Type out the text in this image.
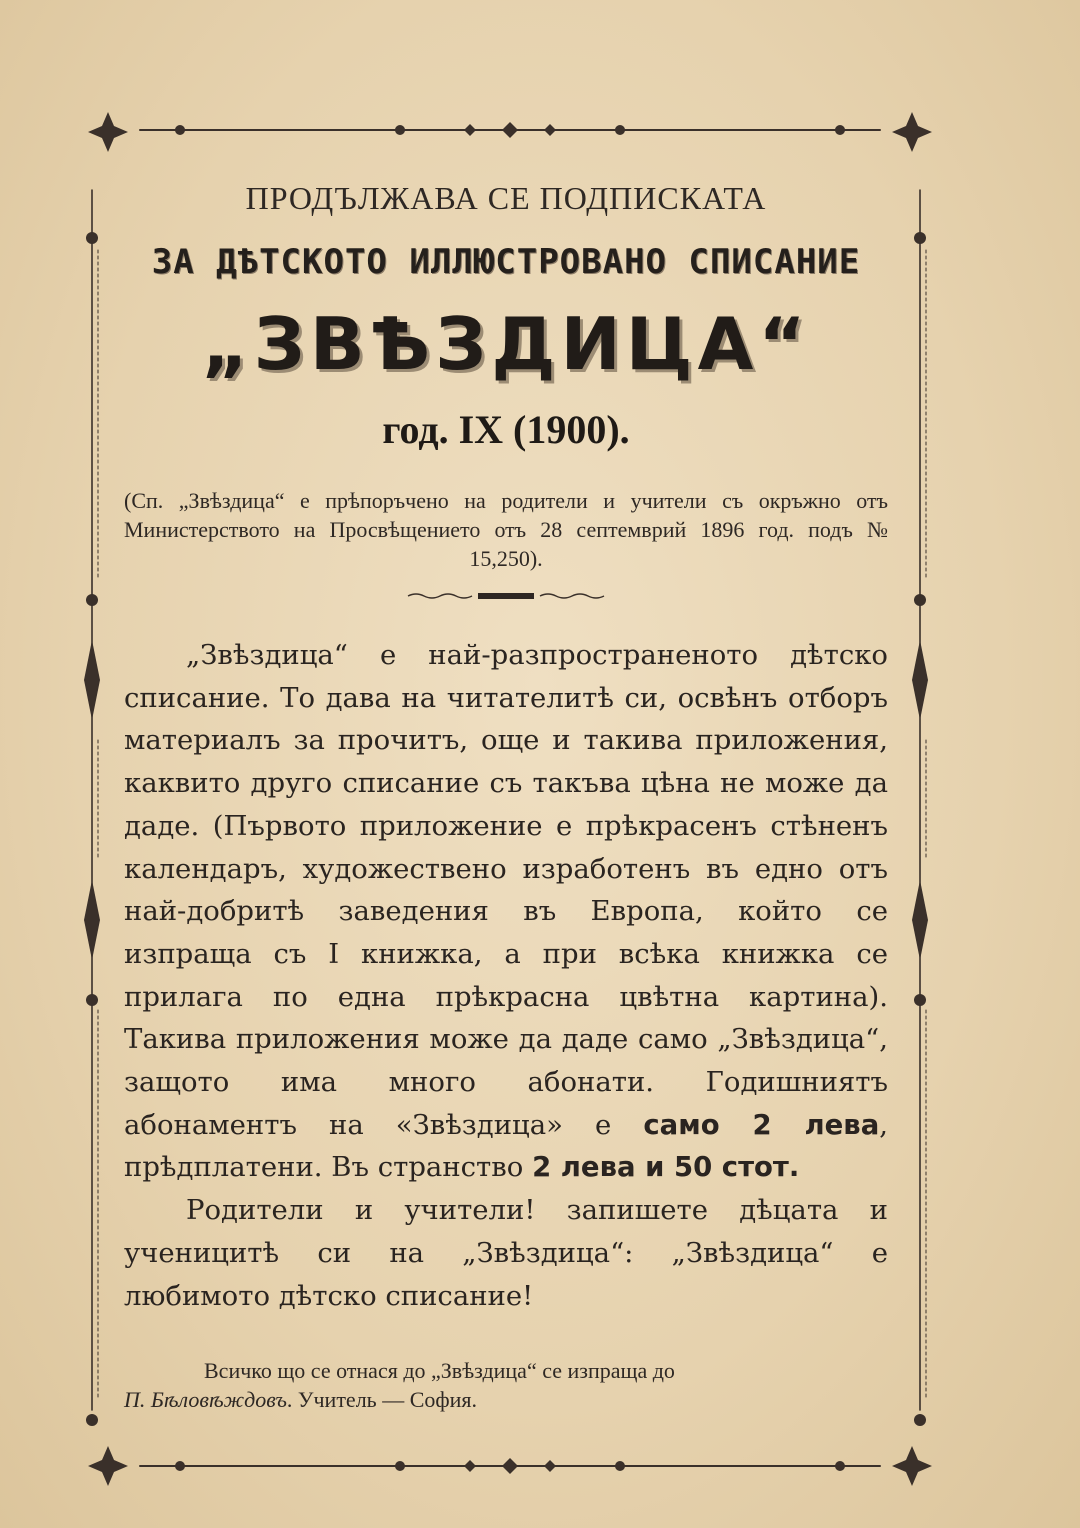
ПРОДЪЛЖАВА СЕ ПОДПИСКАТА
ЗА ДѢТСКОТО ИЛЛЮСТРОВАНО СПИСАНИЕ
„ЗВѢЗДИЦА“
год. IX (1900).
(Сп. „Звѣздица“ е прѣпоръчено на родители и учители съ окръжно отъ Министерството на Просвѣщението отъ 28 септемврий 1896 год. подъ № 15,250).

„Звѣздица“ е най-разпространеното дѣтско списание. То дава на читателитѣ си, освѣнъ отборъ материалъ за прочитъ, още и такива приложения, каквито друго списание съ такъва цѣна не може да даде. (Първото приложение е прѣкрасенъ стѣненъ календаръ, художествено изработенъ въ едно отъ най-добритѣ заведения въ Европа, който се изпраща съ I книжка, а при всѣка книжка се прилага по една прѣкрасна цвѣтна картина). Такива приложения може да даде само „Звѣздица“, защото има много абонати. Годишниятъ абонаментъ на «Звѣздица» е само 2 лева, прѣдплатени. Въ странство 2 лева и 50 стот.

Родители и учители! запишете дѣцата и ученицитѣ си на „Звѣздица“: „Звѣздица“ е любимото дѣтско списание!

Всичко що се отнася до „Звѣздица“ се изпраща до

П. Бѣловѣждовъ. Учитель — София.
